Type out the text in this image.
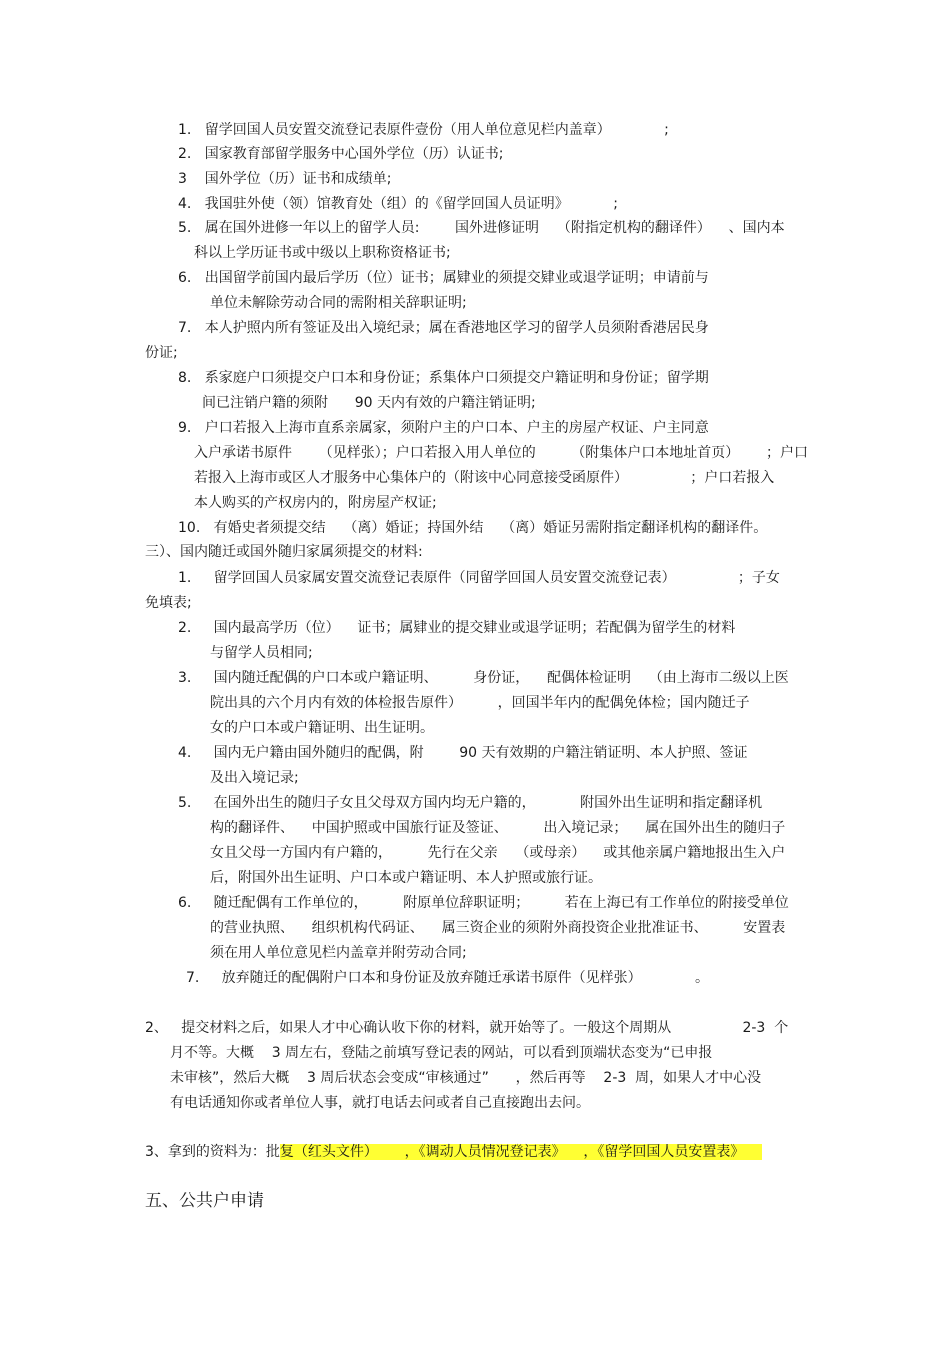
1.   留学回国人员安置交流登记表原件壹份（用人单位意见栏内盖章）            ;
2.   国家教育部留学服务中心国外学位（历）认证书;
3    国外学位（历）证书和成绩单;
4.   我国驻外使（领）馆教育处（组）的《留学回国人员证明》          ;
5.   属在国外进修一年以上的留学人员:        国外进修证明    （附指定机构的翻译件）    、国内本
科以上学历证书或中级以上职称资格证书;
6.   出国留学前国内最后学历（位）证书；属肄业的须提交肄业或退学证明；申请前与
单位未解除劳动合同的需附相关辞职证明;
7.   本人护照内所有签证及出入境纪录；属在香港地区学习的留学人员须附香港居民身
份证;
8.   系家庭户口须提交户口本和身份证；系集体户口须提交户籍证明和身份证；留学期
间已注销户籍的须附      90 天内有效的户籍注销证明;
9.   户口若报入上海市直系亲属家，须附户主的户口本、户主的房屋产权证、户主同意
入户承诺书原件      （见样张）；户口若报入用人单位的        （附集体户口本地址首页）      ；户口
若报入上海市或区人才服务中心集体户的（附该中心同意接受函原件）              ；户口若报入
本人购买的产权房内的，附房屋产权证;
10.   有婚史者须提交结    （离）婚证；持国外结    （离）婚证另需附指定翻译机构的翻译件。
三）、国内随迁或国外随归家属须提交的材料:
1.     留学回国人员家属安置交流登记表原件（同留学回国人员安置交流登记表）              ；子女
免填表;
2.     国内最高学历（位）    证书；属肄业的提交肄业或退学证明；若配偶为留学生的材料
与留学人员相同;
3.     国内随迁配偶的户口本或户籍证明、        身份证，    配偶体检证明    （由上海市二级以上医
院出具的六个月内有效的体检报告原件）        ，回国半年内的配偶免体检；国内随迁子
女的户口本或户籍证明、出生证明。
4.     国内无户籍由国外随归的配偶，附        90 天有效期的户籍注销证明、本人护照、签证
及出入境记录;
5.     在国外出生的随归子女且父母双方国内均无户籍的，          附国外出生证明和指定翻译机
构的翻译件、    中国护照或中国旅行证及签证、        出入境记录；    属在国外出生的随归子
女且父母一方国内有户籍的，        先行在父亲    （或母亲）    或其他亲属户籍地报出生入户
后，附国外出生证明、户口本或户籍证明、本人护照或旅行证。
6.     随迁配偶有工作单位的，        附原单位辞职证明；        若在上海已有工作单位的附接受单位
的营业执照、    组织机构代码证、    属三资企业的须附外商投资企业批准证书、        安置表
须在用人单位意见栏内盖章并附劳动合同;
7.     放弃随迁的配偶附户口本和身份证及放弃随迁承诺书原件（见样张）            。
2、   提交材料之后，如果人才中心确认收下你的材料，就开始等了。一般这个周期从                2-3  个
月不等。大概    3 周左右，登陆之前填写登记表的网站，可以看到顶端状态变为“已申报
未审核”，然后大概    3 周后状态会变成“审核通过”      ，然后再等    2-3  周，如果人才中心没
有电话通知你或者单位人事，就打电话去问或者自己直接跑出去问。
3、拿到的资料为：批复（红头文件）      ，《调动人员情况登记表》    ，《留学回国人员安置表》
五、公共户申请
